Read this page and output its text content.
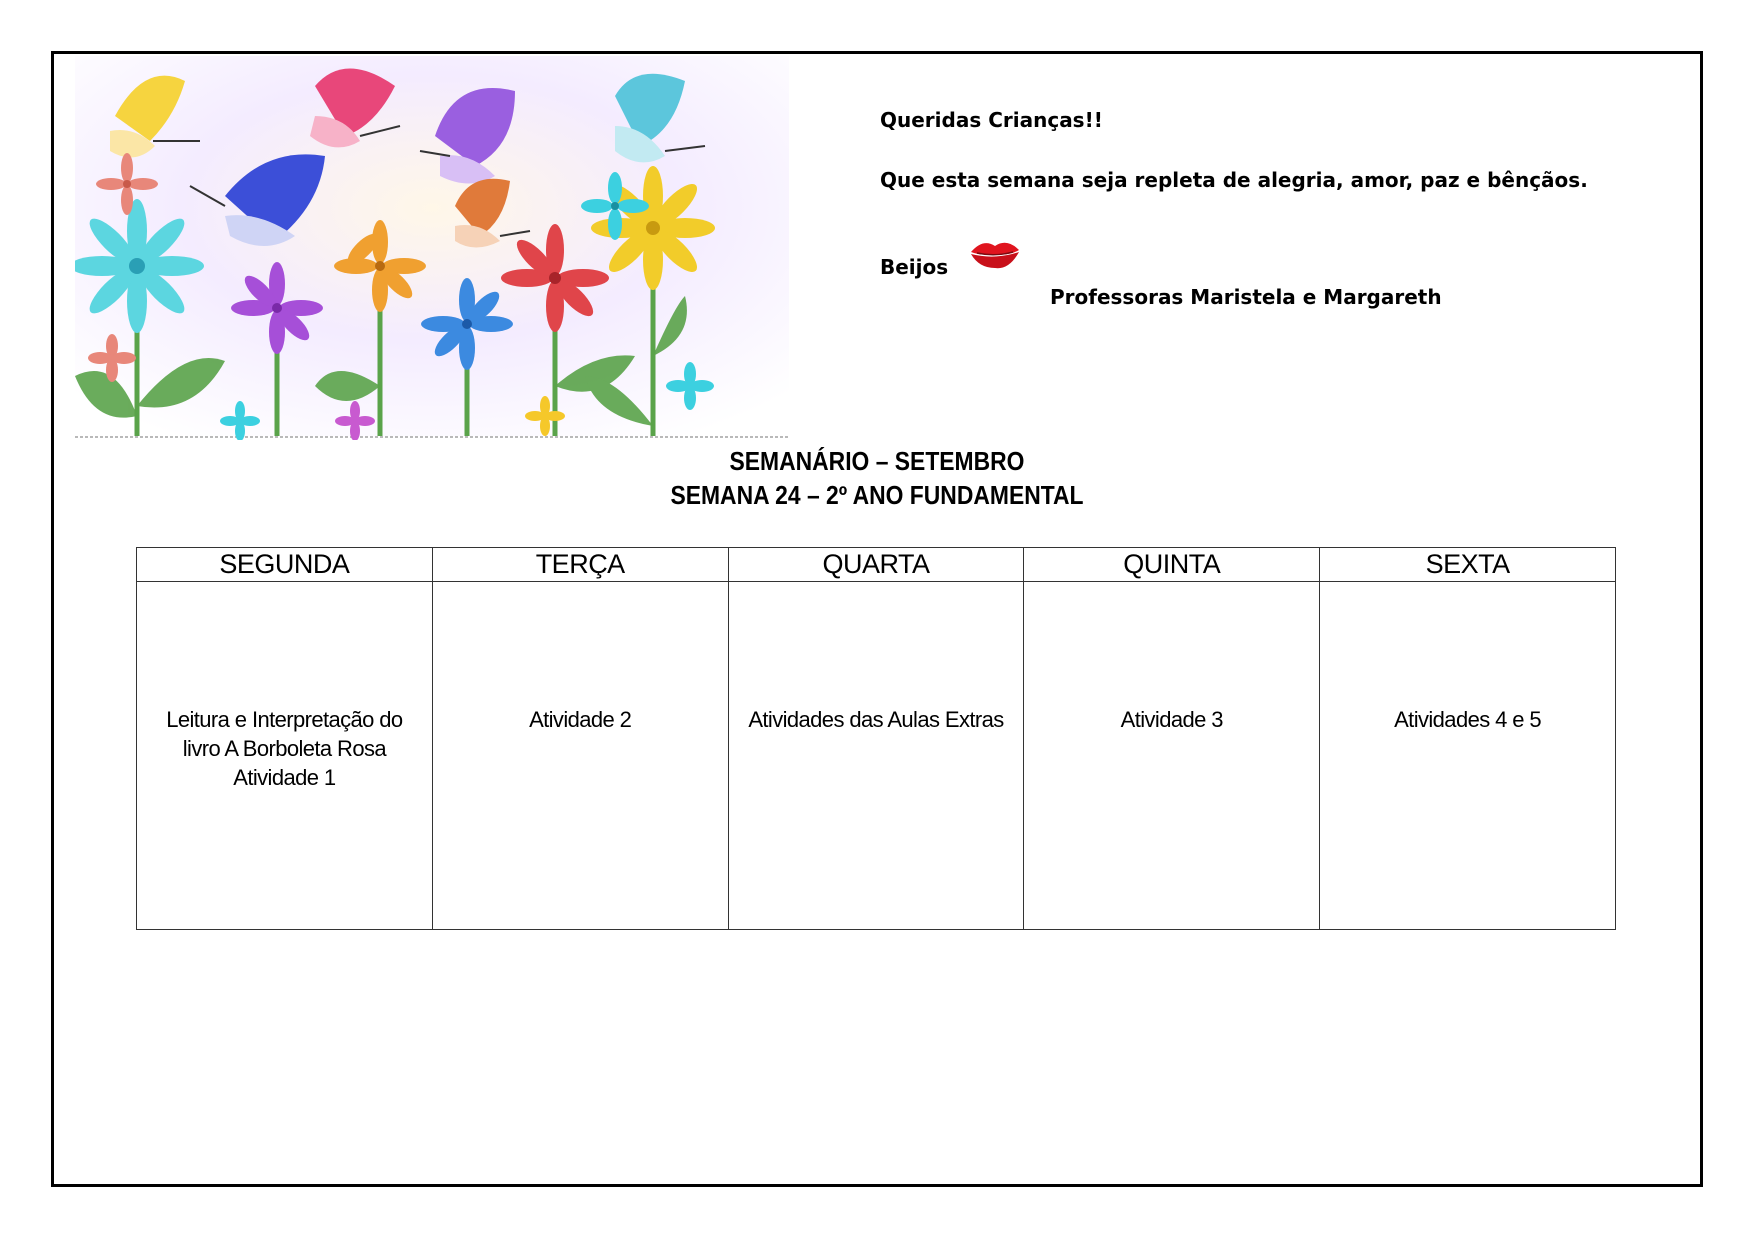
Queridas Crianças!!
Que esta semana seja repleta de alegria, amor, paz e bênçãos.
Beijos
Professoras Maristela e Margareth
SEMANÁRIO – SETEMBRO
SEMANA 24 – 2º ANO FUNDAMENTAL
SEGUNDA	TERÇA	QUARTA	QUINTA	SEXTA

Leitura e Interpretação do
livro A Borboleta Rosa
Atividade 1	Atividade 2	Atividades das Aulas Extras	Atividade 3	Atividades 4 e 5
